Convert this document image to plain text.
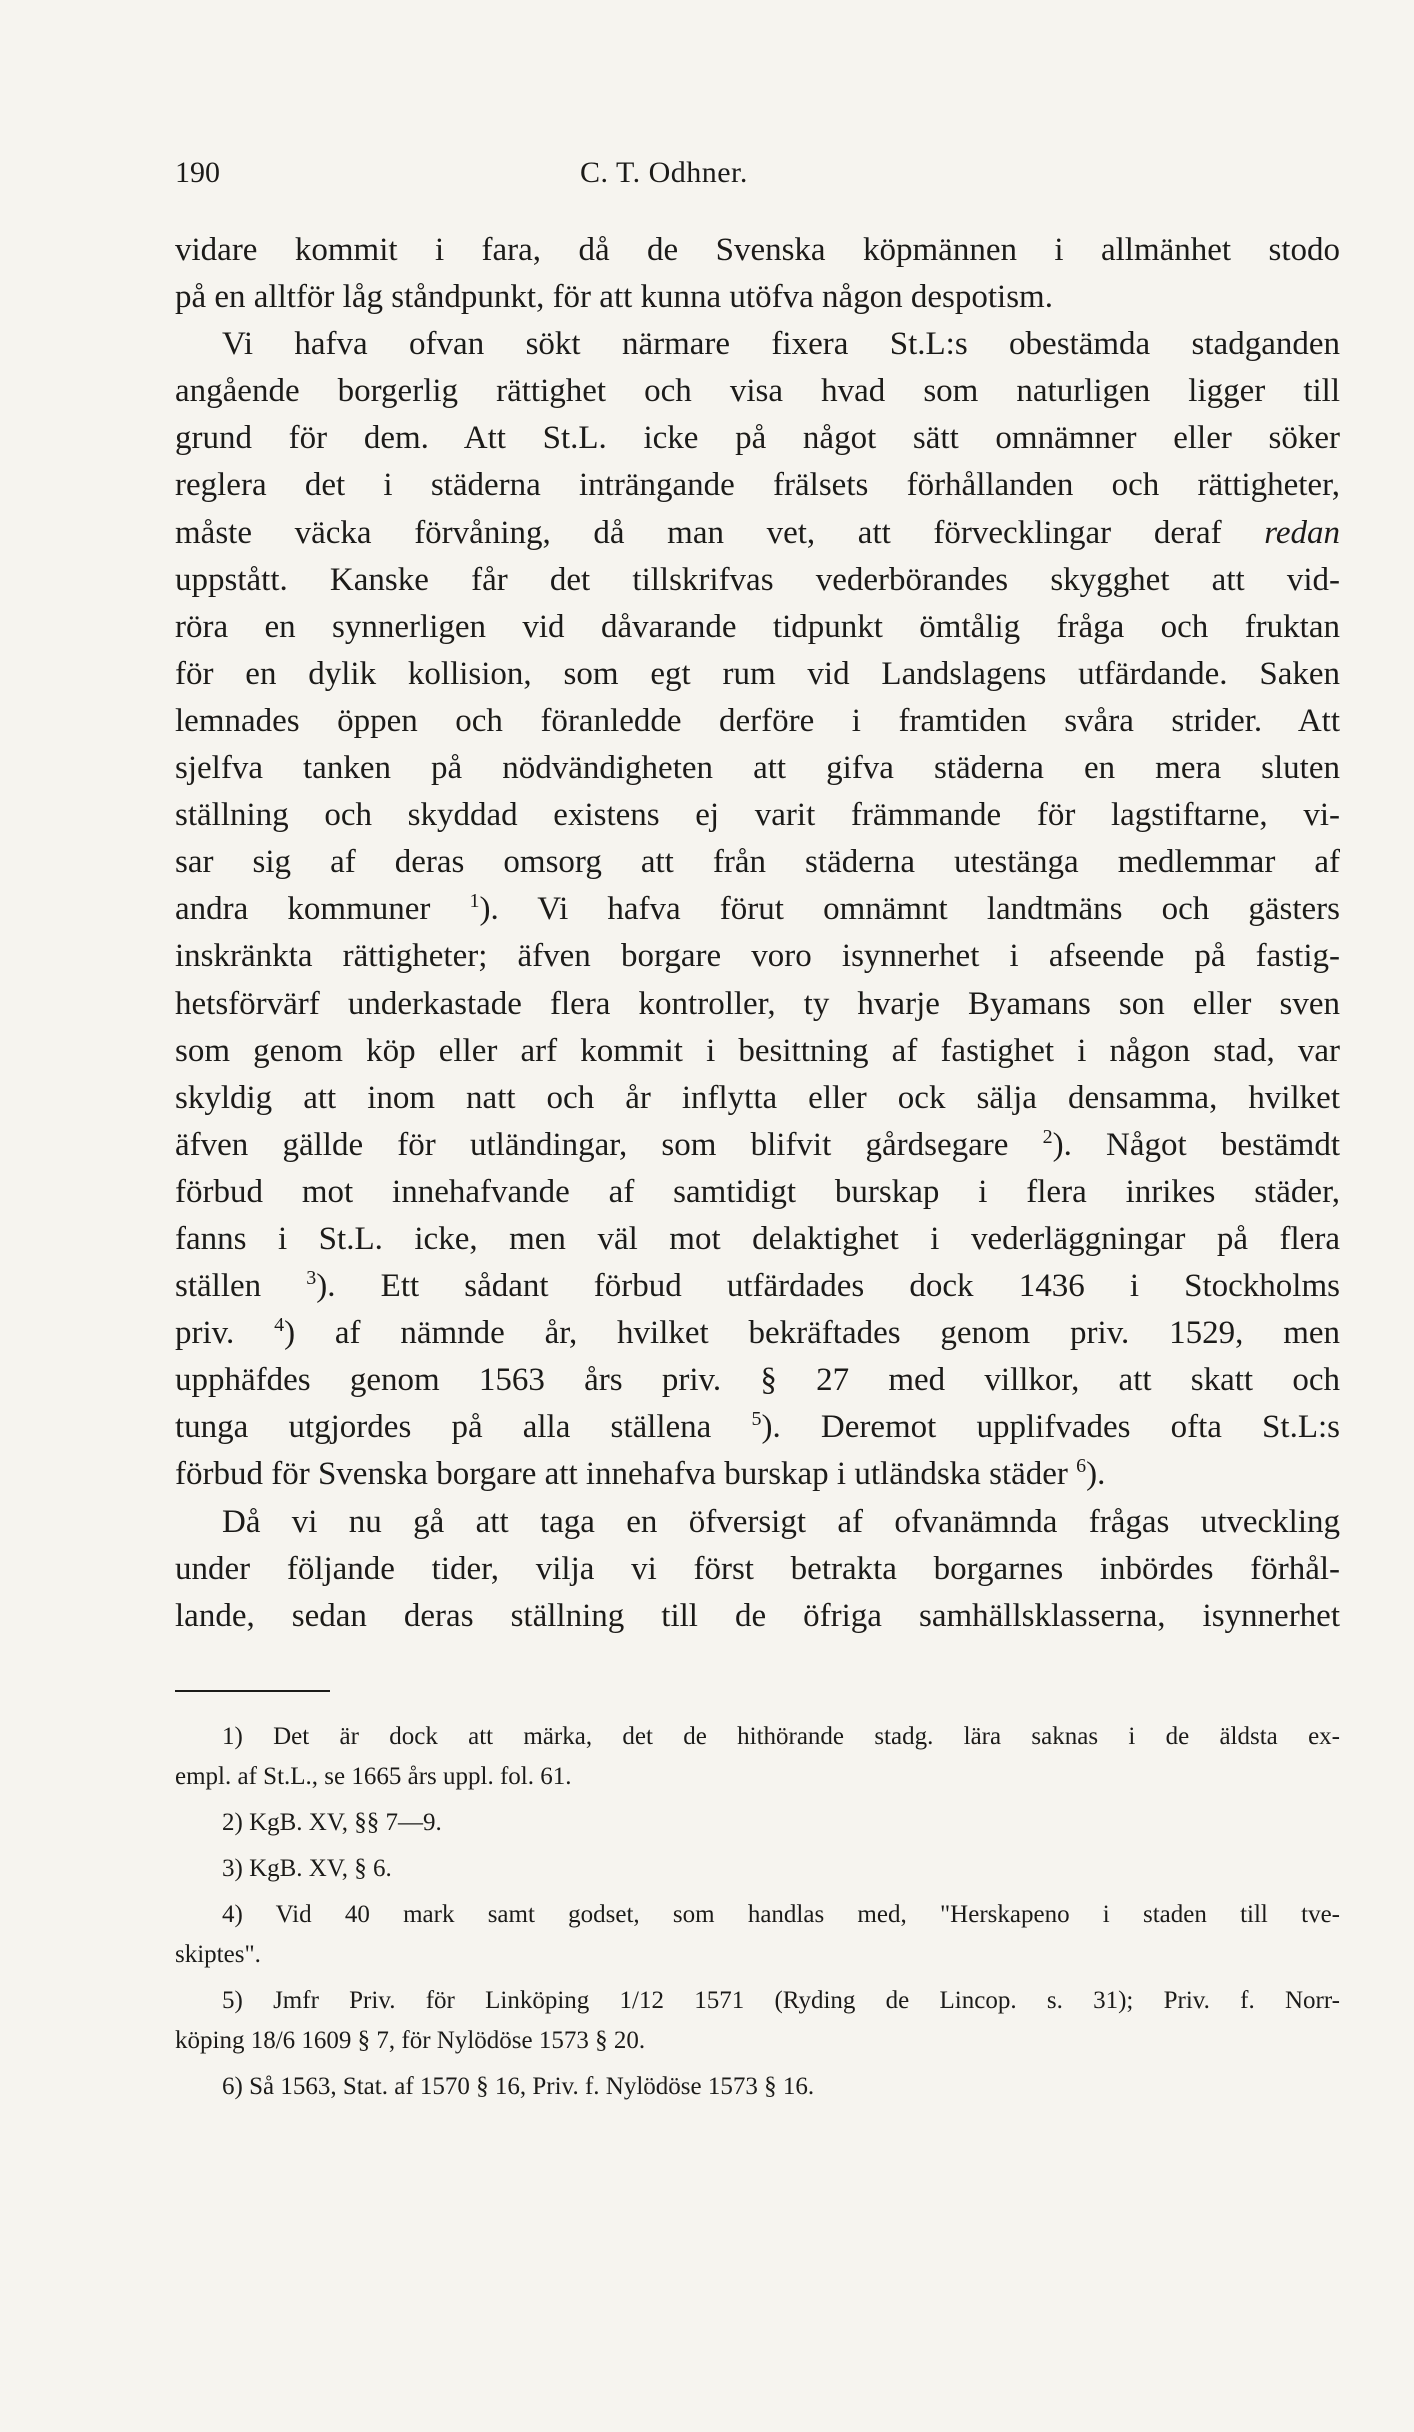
190	C. T. Odhner.

vidare kommit i fara, då de Svenska köpmännen i allmänhet stodo
på en alltför låg ståndpunkt, för att kunna utöfva någon despotism.

Vi hafva ofvan sökt närmare fixera St.L:s obestämda stadganden
angående borgerlig rättighet och visa hvad som naturligen ligger till
grund för dem. Att St.L. icke på något sätt omnämner eller söker
reglera det i städerna inträngande frälsets förhållanden och rättigheter,
måste väcka förvåning, då man vet, att förvecklingar deraf redan
uppstått. Kanske får det tillskrifvas vederbörandes skygghet att vid-
röra en synnerligen vid dåvarande tidpunkt ömtålig fråga och fruktan
för en dylik kollision, som egt rum vid Landslagens utfärdande. Saken
lemnades öppen och föranledde derföre i framtiden svåra strider. Att
sjelfva tanken på nödvändigheten att gifva städerna en mera sluten
ställning och skyddad existens ej varit främmande för lagstiftarne, vi-
sar sig af deras omsorg att från städerna utestänga medlemmar af
andra kommuner $^1$). Vi hafva förut omnämnt landtmäns och gästers
inskränkta rättigheter; äfven borgare voro isynnerhet i afseende på fastig-
hetsförvärf underkastade flera kontroller, ty hvarje Byamans son eller sven
som genom köp eller arf kommit i besittning af fastighet i någon stad, var
skyldig att inom natt och år inflytta eller ock sälja densamma, hvilket
äfven gällde för utländingar, som blifvit gårdsegare $^2$). Något bestämdt
förbud mot innehafvande af samtidigt burskap i flera inrikes städer,
fanns i St.L. icke, men väl mot delaktighet i vederläggningar på flera
ställen $^3$). Ett sådant förbud utfärdades dock 1436 i Stockholms
priv. $^4$) af nämnde år, hvilket bekräftades genom priv. 1529, men
upphäfdes genom 1563 års priv. § 27 med villkor, att skatt och
tunga utgjordes på alla ställena $^5$). Deremot upplifvades ofta St.L:s
förbud för Svenska borgare att innehafva burskap i utländska städer $^6$).

Då vi nu gå att taga en öfversigt af ofvanämnda frågas utveckling
under följande tider, vilja vi först betrakta borgarnes inbördes förhål-
lande, sedan deras ställning till de öfriga samhällsklasserna, isynnerhet

1) Det är dock att märka, det de hithörande stadg. lära saknas i de äldsta ex-
empl. af St.L., se 1665 års uppl. fol. 61.
2) KgB. XV, §§ 7—9.
3) KgB. XV, § 6.
4) Vid 40 mark samt godset, som handlas med, "Herskapeno i staden till tve-
skiptes".
5) Jmfr Priv. för Linköping 1/12 1571 (Ryding de Lincop. s. 31); Priv. f. Norr-
köping 18/6 1609 § 7, för Nylödöse 1573 § 20.
6) Så 1563, Stat. af 1570 § 16, Priv. f. Nylödöse 1573 § 16.
